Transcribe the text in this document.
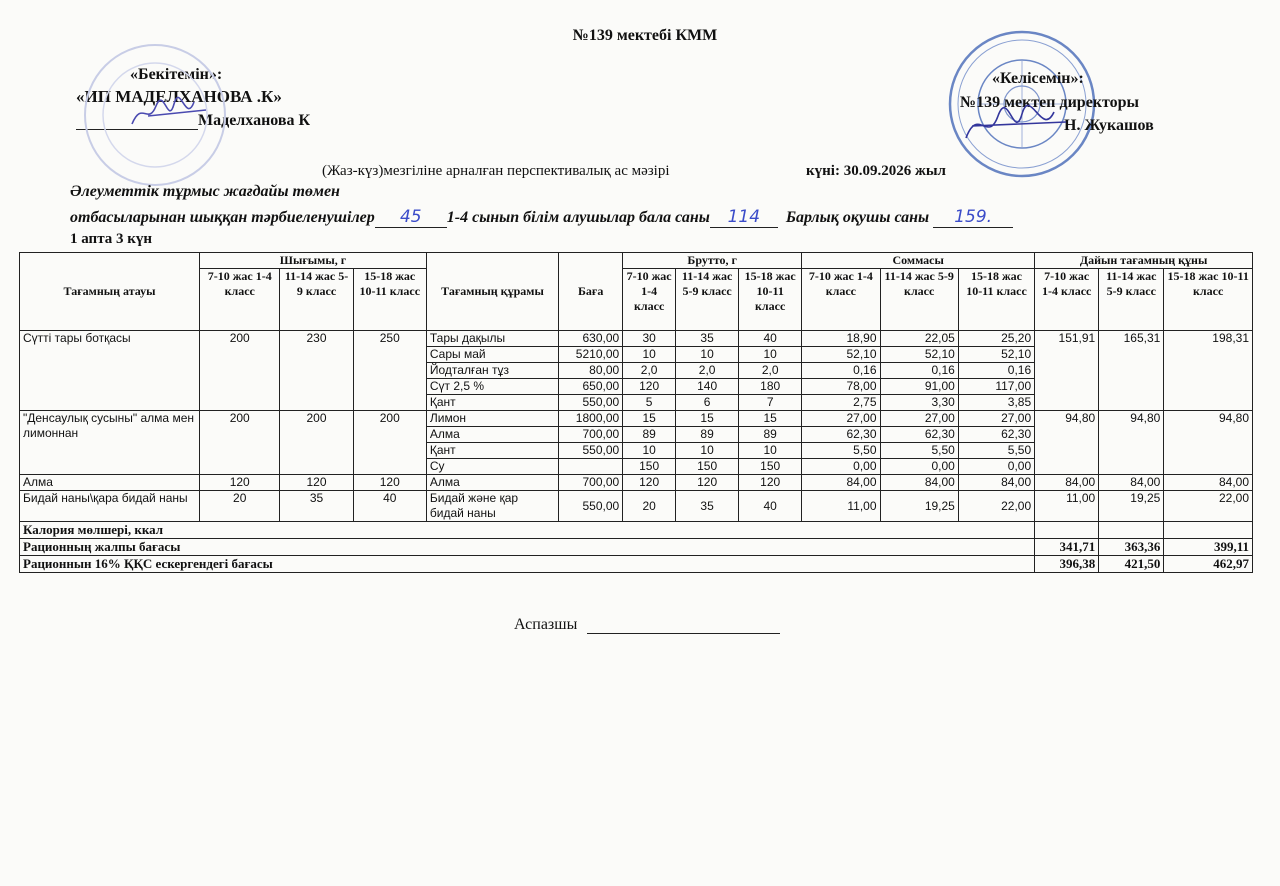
№139 мектебі КММ
«Бекітемін»:
«ИП МАДЕЛХАНОВА .К»
Маделханова К
«Келісемін»:
№139 мектеп директоры
Н. Жукашов
(Жаз-күз)мезгіліне арналған перспективалық ас мәзірі	күні: 30.09.2026 жыл
Әлеуметтік тұрмыс жағдайы төмен
отбасыларынан шыққан тәрбиеленушілер 45 1-4 сынып білім алушылар бала саны 114 Барлық оқушы саны 159.
1 апта 3 күн
Тағамның атауы	Шығымы, г			Тағамның құрамы	Баға	Брутто, г			Соммасы			Дайын тағамның құны		
	7-10 жас 1-4 класс	11-14 жас 5-9 класс	15-18 жас 10-11 класс			7-10 жас 1-4 класс	11-14 жас 5-9 класс	15-18 жас 10-11 класс	7-10 жас 1-4 класс	11-14 жас 5-9 класс	15-18 жас 10-11 класс	7-10 жас 1-4 класс	11-14 жас 5-9 класс	15-18 жас 10-11 класс
Сүтті тары ботқасы	200	230	250	Тары дақылы	630,00	30	35	40	18,90	22,05	25,20	151,91	165,31	198,31
				Сары май	5210,00	10	10	10	52,10	52,10	52,10			
				Йодталған тұз	80,00	2,0	2,0	2,0	0,16	0,16	0,16			
				Сүт 2,5 %	650,00	120	140	180	78,00	91,00	117,00			
				Қант	550,00	5	6	7	2,75	3,30	3,85			
"Денсаулық сусыны" алма мен лимоннан	200	200	200	Лимон	1800,00	15	15	15	27,00	27,00	27,00	94,80	94,80	94,80
				Алма	700,00	89	89	89	62,30	62,30	62,30			
				Қант	550,00	10	10	10	5,50	5,50	5,50			
				Су		150	150	150	0,00	0,00	0,00			
Алма	120	120	120	Алма	700,00	120	120	120	84,00	84,00	84,00	84,00	84,00	84,00
Бидай наны\қара бидай наны	20	35	40	Бидай және қар бидай наны	550,00	20	35	40	11,00	19,25	22,00	11,00	19,25	22,00
Калория мөлшері, ккал														
Рационның жалпы бағасы												341,71	363,36	399,11
Рационнын 16% ҚҚС ескергендегі бағасы												396,38	421,50	462,97
Аспазшы
